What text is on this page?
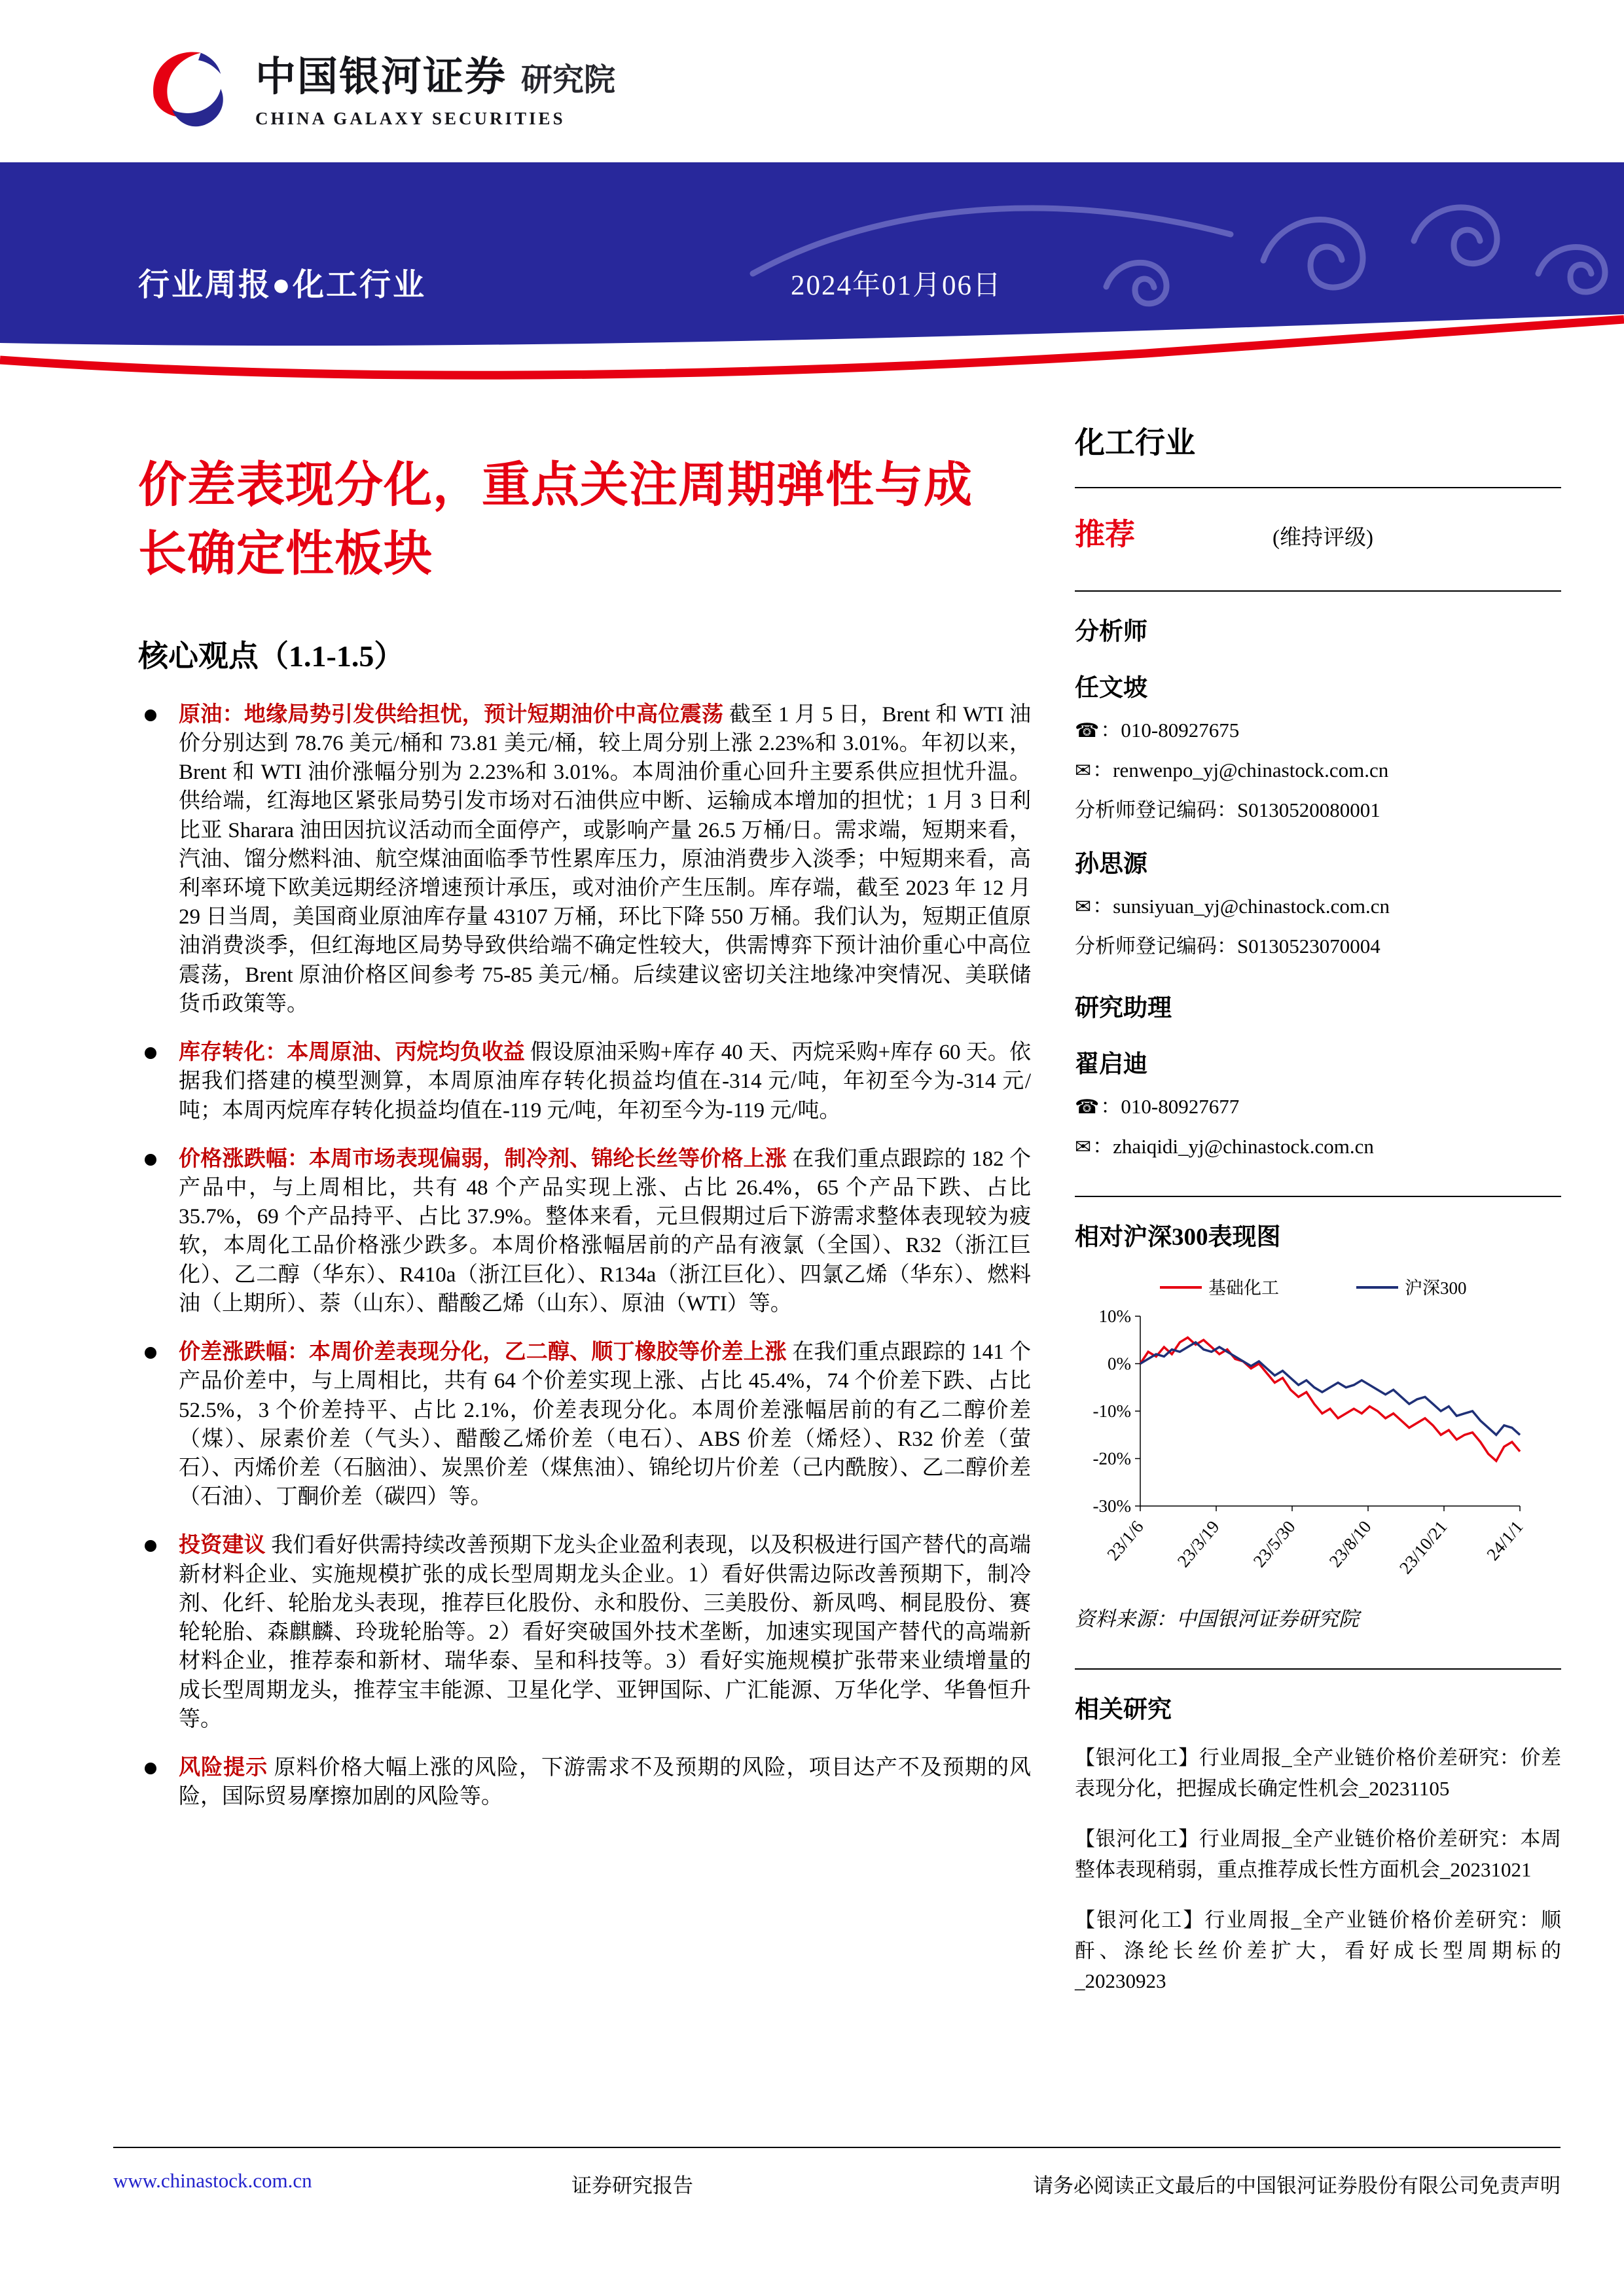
中国银河证券 研究院
CHINA GALAXY SECURITIES
行业周报●化工行业	2024年01月06日
价差表现分化，重点关注周期弹性与成长确定性板块
核心观点（1.1-1.5）

原油：地缘局势引发供给担忧，预计短期油价中高位震荡 截至 1 月 5 日，Brent 和 WTI 油价分别达到 78.76 美元/桶和 73.81 美元/桶，较上周分别上涨 2.23%和 3.01%。年初以来，Brent 和 WTI 油价涨幅分别为 2.23%和 3.01%。本周油价重心回升主要系供应担忧升温。供给端，红海地区紧张局势引发市场对石油供应中断、运输成本增加的担忧；1 月 3 日利比亚 Sharara 油田因抗议活动而全面停产，或影响产量 26.5 万桶/日。需求端，短期来看，汽油、馏分燃料油、航空煤油面临季节性累库压力，原油消费步入淡季；中短期来看，高利率环境下欧美远期经济增速预计承压，或对油价产生压制。库存端，截至 2023 年 12 月 29 日当周，美国商业原油库存量 43107 万桶，环比下降 550 万桶。我们认为，短期正值原油消费淡季，但红海地区局势导致供给端不确定性较大，供需博弈下预计油价重心中高位震荡，Brent 原油价格区间参考 75-85 美元/桶。后续建议密切关注地缘冲突情况、美联储货币政策等。

库存转化：本周原油、丙烷均负收益 假设原油采购+库存 40 天、丙烷采购+库存 60 天。依据我们搭建的模型测算，本周原油库存转化损益均值在-314 元/吨，年初至今为-314 元/吨；本周丙烷库存转化损益均值在-119 元/吨，年初至今为-119 元/吨。

价格涨跌幅：本周市场表现偏弱，制冷剂、锦纶长丝等价格上涨 在我们重点跟踪的 182 个产品中，与上周相比，共有 48 个产品实现上涨、占比 26.4%，65 个产品下跌、占比 35.7%，69 个产品持平、占比 37.9%。整体来看，元旦假期过后下游需求整体表现较为疲软，本周化工品价格涨少跌多。本周价格涨幅居前的产品有液氯（全国）、R32（浙江巨化）、乙二醇（华东）、R410a（浙江巨化）、R134a（浙江巨化）、四氯乙烯（华东）、燃料油（上期所）、萘（山东）、醋酸乙烯（山东）、原油（WTI）等。

价差涨跌幅：本周价差表现分化，乙二醇、顺丁橡胶等价差上涨 在我们重点跟踪的 141 个产品价差中，与上周相比，共有 64 个价差实现上涨、占比 45.4%，74 个价差下跌、占比 52.5%，3 个价差持平、占比 2.1%，价差表现分化。本周价差涨幅居前的有乙二醇价差（煤）、尿素价差（气头）、醋酸乙烯价差（电石）、ABS 价差（烯烃）、R32 价差（萤石）、丙烯价差（石脑油）、炭黑价差（煤焦油）、锦纶切片价差（己内酰胺）、乙二醇价差（石油）、丁酮价差（碳四）等。

投资建议 我们看好供需持续改善预期下龙头企业盈利表现，以及积极进行国产替代的高端新材料企业、实施规模扩张的成长型周期龙头企业。1）看好供需边际改善预期下，制冷剂、化纤、轮胎龙头表现，推荐巨化股份、永和股份、三美股份、新凤鸣、桐昆股份、赛轮轮胎、森麒麟、玲珑轮胎等。2）看好突破国外技术垄断，加速实现国产替代的高端新材料企业，推荐泰和新材、瑞华泰、呈和科技等。3）看好实施规模扩张带来业绩增量的成长型周期龙头，推荐宝丰能源、卫星化学、亚钾国际、广汇能源、万华化学、华鲁恒升等。

风险提示 原料价格大幅上涨的风险，下游需求不及预期的风险，项目达产不及预期的风险，国际贸易摩擦加剧的风险等。

化工行业
推荐	(维持评级)
分析师
任文坡
☎ ：010-80927675
✉ ：renwenpo_yj@chinastock.com.cn
分析师登记编码：S0130520080001
孙思源
✉ ：sunsiyuan_yj@chinastock.com.cn
分析师登记编码：S0130523070004
研究助理
翟启迪
☎ ：010-80927677
✉ ：zhaiqidi_yj@chinastock.com.cn
相对沪深300表现图
10%
0%
-10%
-20%
-30%
23/1/6 23/3/19 23/5/30 23/8/10 23/10/21 24/1/1
基础化工	沪深300
资料来源：中国银河证券研究院
相关研究

【银河化工】行业周报_全产业链价格价差研究：价差表现分化，把握成长确定性机会_20231105

【银河化工】行业周报_全产业链价格价差研究：本周整体表现稍弱，重点推荐成长性方面机会_20231021

【银河化工】行业周报_全产业链价格价差研究：顺酐、涤纶长丝价差扩大，看好成长型周期标的_20230923

www.chinastock.com.cn	证券研究报告	请务必阅读正文最后的中国银河证券股份有限公司免责声明
